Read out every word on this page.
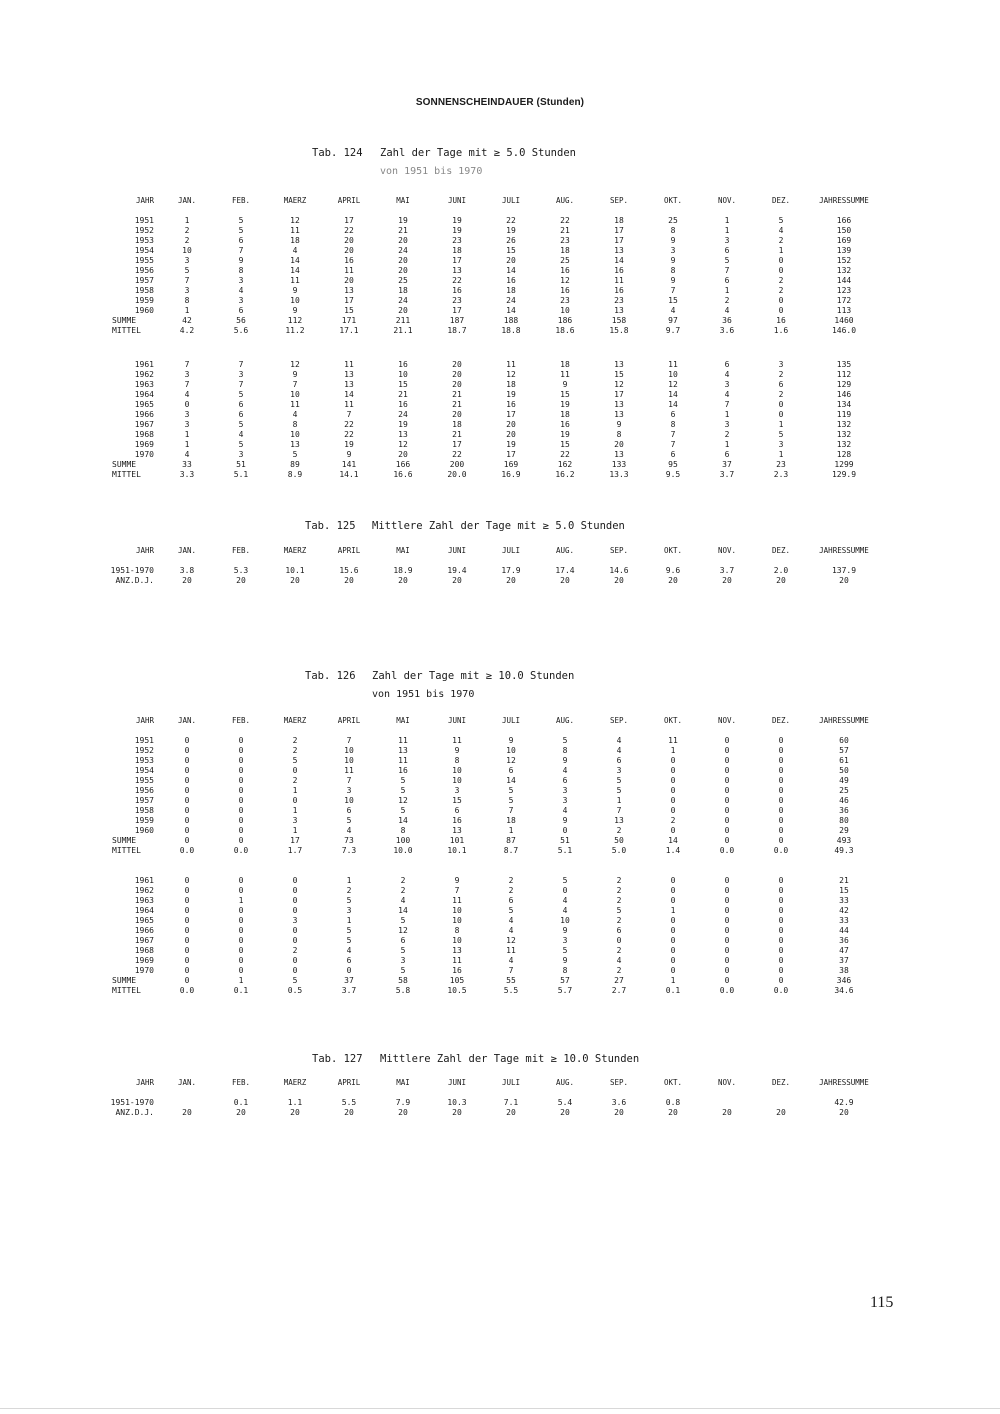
SONNENSCHEINDAUER (Stunden)
Tab. 124 Zahl der Tage mit ≥ 5.0 Stunden
von 1951 bis 1970
JAHR	JAN.	FEB.	MAERZ	APRIL	MAI	JUNI	JULI	AUG.	SEP.	OKT.	NOV.	DEZ.	JAHRESSUMME
1951	1	5	12	17	19	19	22	22	18	25	1	5	166
1952	2	5	11	22	21	19	19	21	17	8	1	4	150
1953	2	6	18	20	20	23	26	23	17	9	3	2	169
1954	10	7	4	20	24	18	15	18	13	3	6	1	139
1955	3	9	14	16	20	17	20	25	14	9	5	0	152
1956	5	8	14	11	20	13	14	16	16	8	7	0	132
1957	7	3	11	20	25	22	16	12	11	9	6	2	144
1958	3	4	9	13	18	16	18	16	16	7	1	2	123
1959	8	3	10	17	24	23	24	23	23	15	2	0	172
1960	1	6	9	15	20	17	14	10	13	4	4	0	113
SUMME	42	56	112	171	211	187	188	186	158	97	36	16	1460
MITTEL	4.2	5.6	11.2	17.1	21.1	18.7	18.8	18.6	15.8	9.7	3.6	1.6	146.0
1961	7	7	12	11	16	20	11	18	13	11	6	3	135
1962	3	3	9	13	10	20	12	11	15	10	4	2	112
1963	7	7	7	13	15	20	18	9	12	12	3	6	129
1964	4	5	10	14	21	21	19	15	17	14	4	2	146
1965	0	6	11	11	16	21	16	19	13	14	7	0	134
1966	3	6	4	7	24	20	17	18	13	6	1	0	119
1967	3	5	8	22	19	18	20	16	9	8	3	1	132
1968	1	4	10	22	13	21	20	19	8	7	2	5	132
1969	1	5	13	19	12	17	19	15	20	7	1	3	132
1970	4	3	5	9	20	22	17	22	13	6	6	1	128
SUMME	33	51	89	141	166	200	169	162	133	95	37	23	1299
MITTEL	3.3	5.1	8.9	14.1	16.6	20.0	16.9	16.2	13.3	9.5	3.7	2.3	129.9
Tab. 125 Mittlere Zahl der Tage mit ≥ 5.0 Stunden
JAHR	JAN.	FEB.	MAERZ	APRIL	MAI	JUNI	JULI	AUG.	SEP.	OKT.	NOV.	DEZ.	JAHRESSUMME
1951-1970	3.8	5.3	10.1	15.6	18.9	19.4	17.9	17.4	14.6	9.6	3.7	2.0	137.9
ANZ.D.J.	20	20	20	20	20	20	20	20	20	20	20	20	20
Tab. 126 Zahl der Tage mit ≥ 10.0 Stunden
von 1951 bis 1970
JAHR	JAN.	FEB.	MAERZ	APRIL	MAI	JUNI	JULI	AUG.	SEP.	OKT.	NOV.	DEZ.	JAHRESSUMME
1951	0	0	2	7	11	11	9	5	4	11	0	0	60
1952	0	0	2	10	13	9	10	8	4	1	0	0	57
1953	0	0	5	10	11	8	12	9	6	0	0	0	61
1954	0	0	0	11	16	10	6	4	3	0	0	0	50
1955	0	0	2	7	5	10	14	6	5	0	0	0	49
1956	0	0	1	3	5	3	5	3	5	0	0	0	25
1957	0	0	0	10	12	15	5	3	1	0	0	0	46
1958	0	0	1	6	5	6	7	4	7	0	0	0	36
1959	0	0	3	5	14	16	18	9	13	2	0	0	80
1960	0	0	1	4	8	13	1	0	2	0	0	0	29
SUMME	0	0	17	73	100	101	87	51	50	14	0	0	493
MITTEL	0.0	0.0	1.7	7.3	10.0	10.1	8.7	5.1	5.0	1.4	0.0	0.0	49.3
1961	0	0	0	1	2	9	2	5	2	0	0	0	21
1962	0	0	0	2	2	7	2	0	2	0	0	0	15
1963	0	1	0	5	4	11	6	4	2	0	0	0	33
1964	0	0	0	3	14	10	5	4	5	1	0	0	42
1965	0	0	3	1	5	10	4	10	2	0	0	0	33
1966	0	0	0	5	12	8	4	9	6	0	0	0	44
1967	0	0	0	5	6	10	12	3	0	0	0	0	36
1968	0	0	2	4	5	13	11	5	2	0	0	0	47
1969	0	0	0	6	3	11	4	9	4	0	0	0	37
1970	0	0	0	0	5	16	7	8	2	0	0	0	38
SUMME	0	1	5	37	58	105	55	57	27	1	0	0	346
MITTEL	0.0	0.1	0.5	3.7	5.8	10.5	5.5	5.7	2.7	0.1	0.0	0.0	34.6
Tab. 127 Mittlere Zahl der Tage mit ≥ 10.0 Stunden
JAHR	JAN.	FEB.	MAERZ	APRIL	MAI	JUNI	JULI	AUG.	SEP.	OKT.	NOV.	DEZ.	JAHRESSUMME
1951-1970		0.1	1.1	5.5	7.9	10.3	7.1	5.4	3.6	0.8			42.9
ANZ.D.J.	20	20	20	20	20	20	20	20	20	20	20	20	20
115
